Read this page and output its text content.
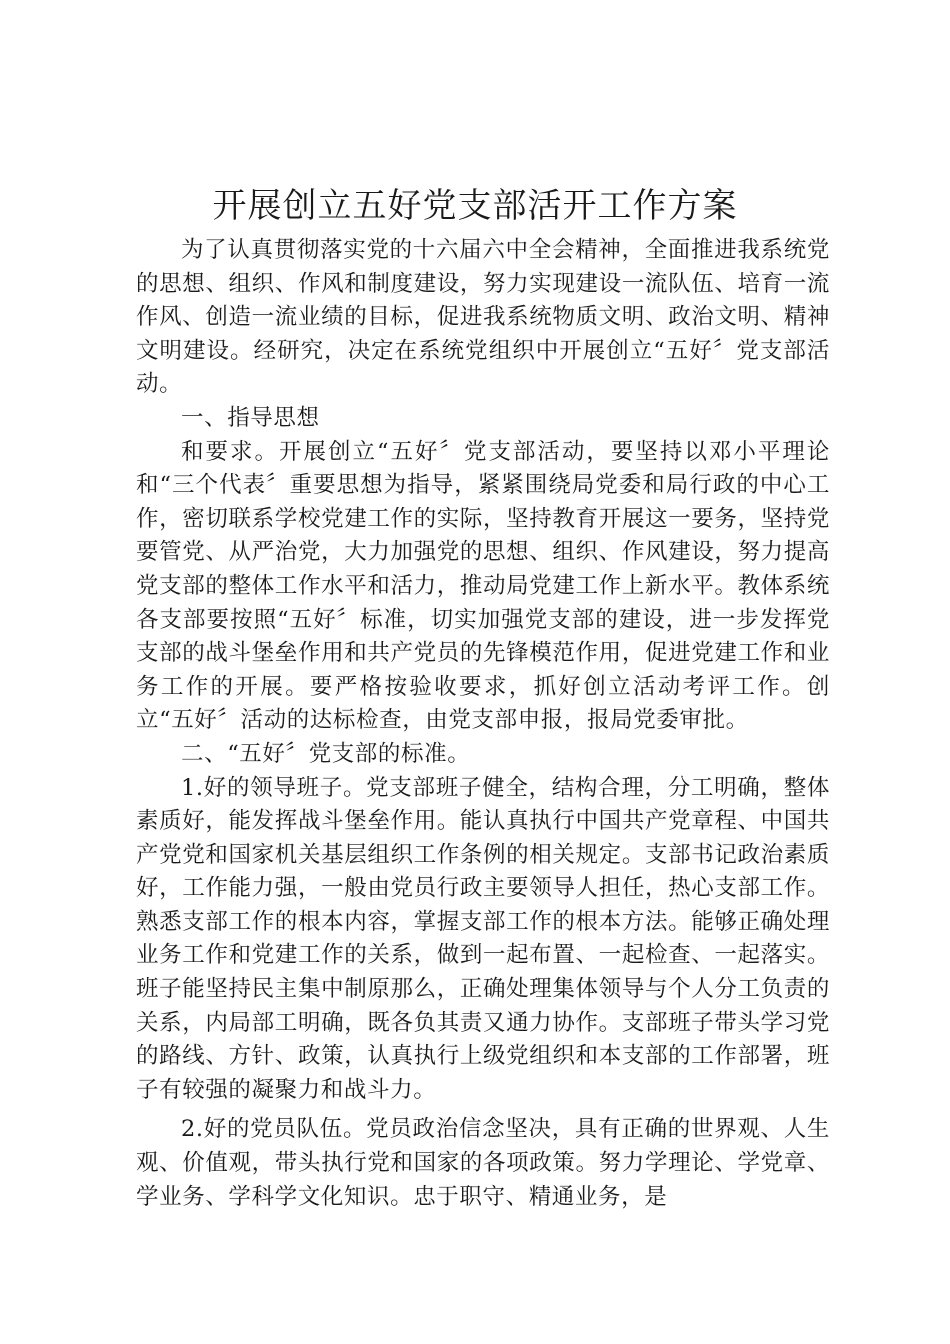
开展创立五好党支部活开工作方案

为了认真贯彻落实党的十六届六中全会精神，全面推进我系统党的思想、组织、作风和制度建设，努力实现建设一流队伍、培育一流作风、创造一流业绩的目标，促进我系统物质文明、政治文明、精神文明建设。经研究，决定在系统党组织中开展创立“五好〞党支部活动。

一、指导思想

和要求。开展创立“五好〞党支部活动，要坚持以邓小平理论和“三个代表〞重要思想为指导，紧紧围绕局党委和局行政的中心工作，密切联系学校党建工作的实际，坚持教育开展这一要务，坚持党要管党、从严治党，大力加强党的思想、组织、作风建设，努力提高党支部的整体工作水平和活力，推动局党建工作上新水平。教体系统各支部要按照“五好〞标准，切实加强党支部的建设，进一步发挥党支部的战斗堡垒作用和共产党员的先锋模范作用，促进党建工作和业务工作的开展。要严格按验收要求，抓好创立活动考评工作。创立“五好〞活动的达标检查，由党支部申报，报局党委审批。

二、“五好〞党支部的标准。

1.好的领导班子。党支部班子健全，结构合理，分工明确，整体素质好，能发挥战斗堡垒作用。能认真执行中国共产党章程、中国共产党党和国家机关基层组织工作条例的相关规定。支部书记政治素质好，工作能力强，一般由党员行政主要领导人担任，热心支部工作。熟悉支部工作的根本内容，掌握支部工作的根本方法。能够正确处理业务工作和党建工作的关系，做到一起布置、一起检查、一起落实。班子能坚持民主集中制原那么，正确处理集体领导与个人分工负责的关系，内局部工明确，既各负其责又通力协作。支部班子带头学习党的路线、方针、政策，认真执行上级党组织和本支部的工作部署，班子有较强的凝聚力和战斗力。

2.好的党员队伍。党员政治信念坚决，具有正确的世界观、人生观、价值观，带头执行党和国家的各项政策。努力学理论、学党章、学业务、学科学文化知识。忠于职守、精通业务，是
